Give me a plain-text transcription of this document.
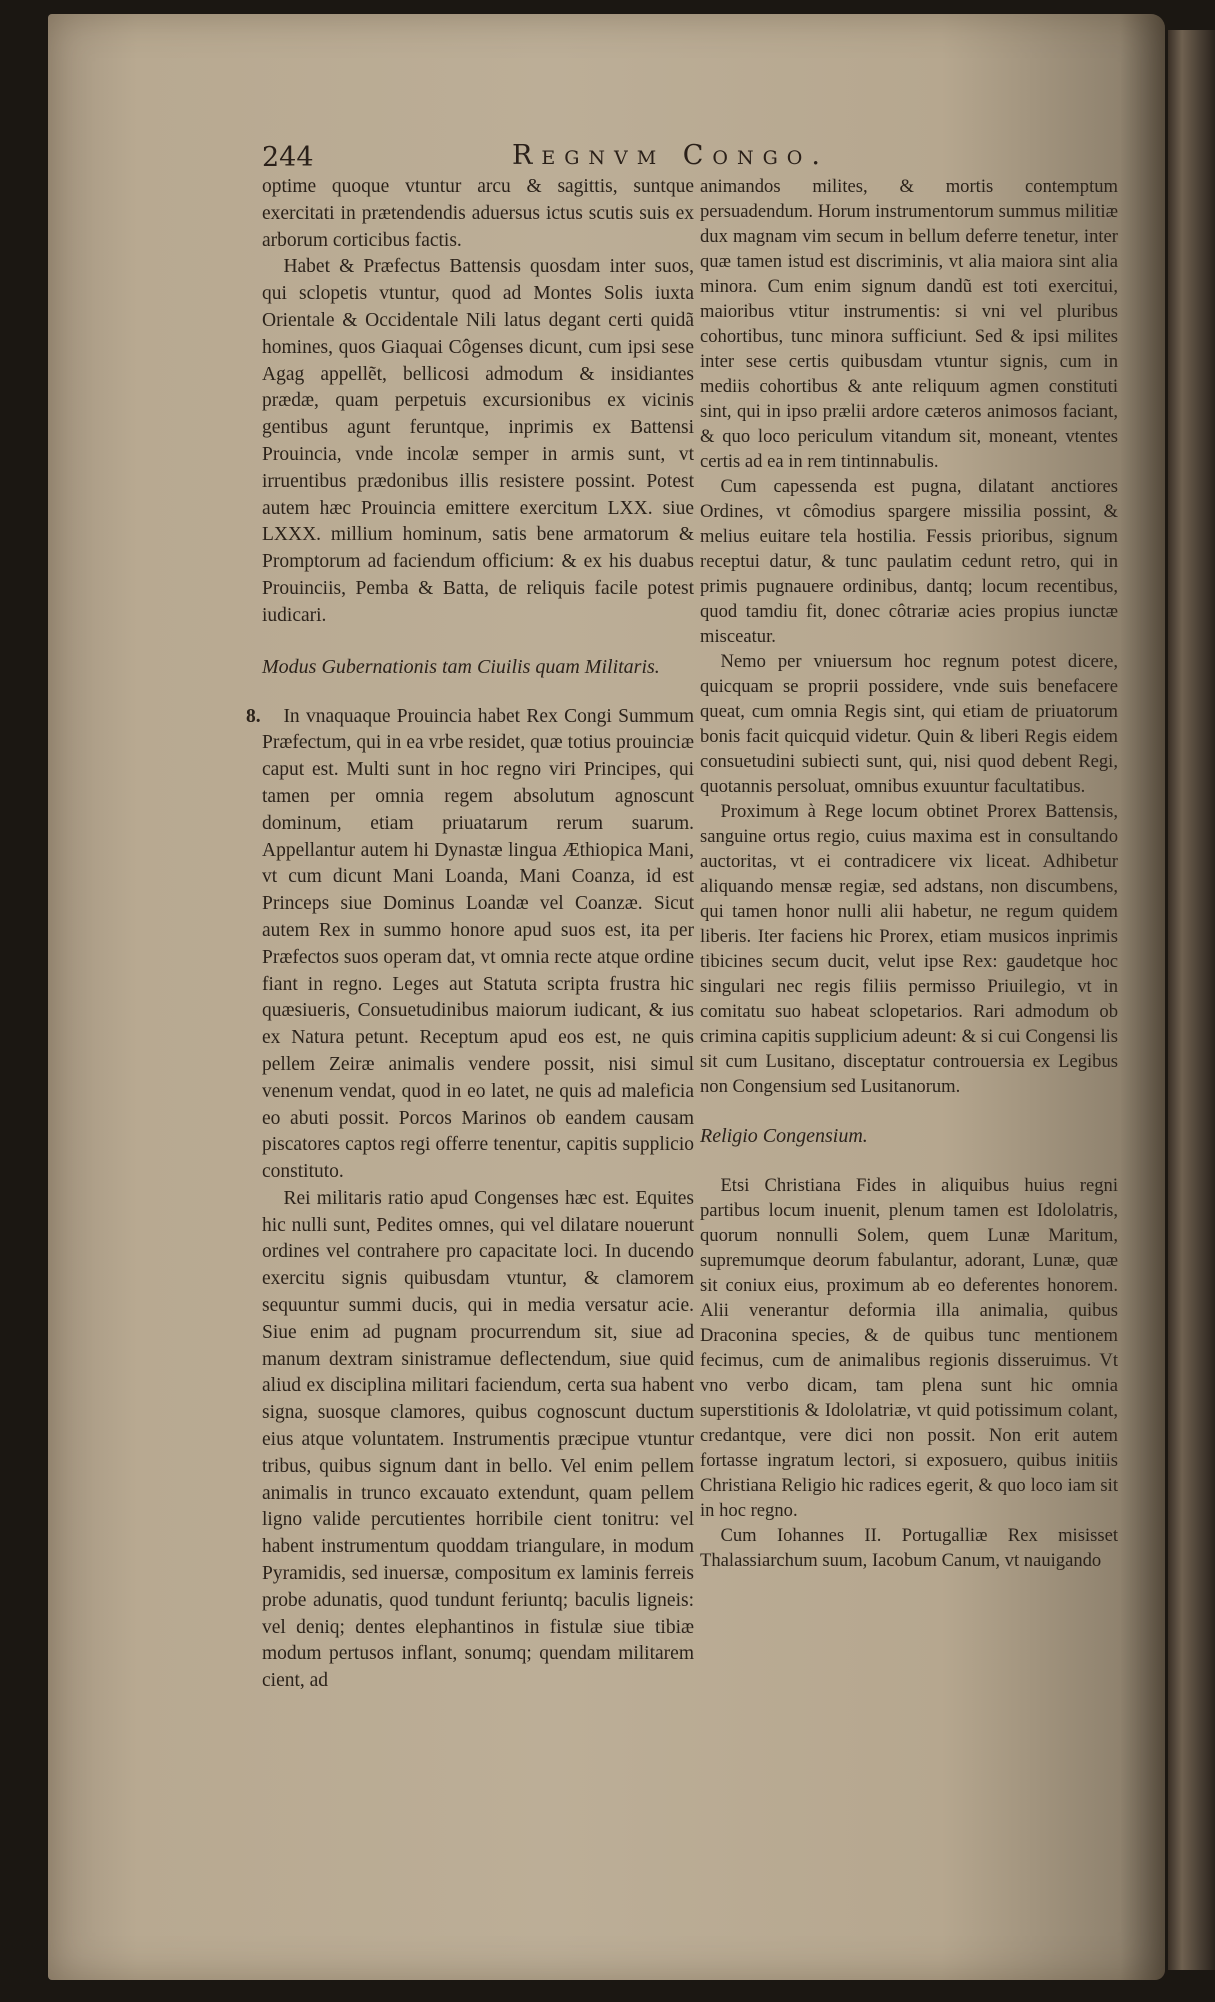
244	Regnvm Congo.

optime quoque vtuntur arcu & sagittis, suntque exercitati in prætendendis aduersus ictus scutis suis ex arborum corticibus factis.

Habet & Præfectus Battensis quosdam inter suos, qui sclopetis vtuntur, quod ad Montes Solis iuxta Orientale & Occidentale Nili latus degant certi quidã homines, quos Giaquai Côgenses dicunt, cum ipsi sese Agag appellẽt, bellicosi admodum & insidiantes prædæ, quam perpetuis excursionibus ex vicinis gentibus agunt feruntque, inprimis ex Battensi Prouincia, vnde incolæ semper in armis sunt, vt irruentibus prædonibus illis resistere possint. Potest autem hæc Prouincia emittere exercitum LXX. siue LXXX. millium hominum, satis bene armatorum & Promptorum ad faciendum officium: & ex his duabus Prouinciis, Pemba & Batta, de reliquis facile potest iudicari.

Modus Gubernationis tam Ciuilis quam Militaris.

8.	In vnaquaque Prouincia habet Rex Congi Summum Præfectum, qui in ea vrbe residet, quæ totius prouinciæ caput est. Multi sunt in hoc regno viri Principes, qui tamen per omnia regem absolutum agnoscunt dominum, etiam priuatarum rerum suarum. Appellantur autem hi Dynastæ lingua Æthiopica Mani, vt cum dicunt Mani Loanda, Mani Coanza, id est Princeps siue Dominus Loandæ vel Coanzæ. Sicut autem Rex in summo honore apud suos est, ita per Præfectos suos operam dat, vt omnia recte atque ordine fiant in regno. Leges aut Statuta scripta frustra hic quæsiueris, Consuetudinibus maiorum iudicant, & ius ex Natura petunt. Receptum apud eos est, ne quis pellem Zeiræ animalis vendere possit, nisi simul venenum vendat, quod in eo latet, ne quis ad maleficia eo abuti possit. Porcos Marinos ob eandem causam piscatores captos regi offerre tenentur, capitis supplicio constituto.

Rei militaris ratio apud Congenses hæc est. Equites hic nulli sunt, Pedites omnes, qui vel dilatare nouerunt ordines vel contrahere pro capacitate loci. In ducendo exercitu signis quibusdam vtuntur, & clamorem sequuntur summi ducis, qui in media versatur acie. Siue enim ad pugnam procurrendum sit, siue ad manum dextram sinistramue deflectendum, siue quid aliud ex disciplina militari faciendum, certa sua habent signa, suosque clamores, quibus cognoscunt ductum eius atque voluntatem. Instrumentis præcipue vtuntur tribus, quibus signum dant in bello. Vel enim pellem animalis in trunco excauato extendunt, quam pellem ligno valide percutientes horribile cient tonitru: vel habent instrumentum quoddam triangulare, in modum Pyramidis, sed inuersæ, compositum ex laminis ferreis probe adunatis, quod tundunt feriuntq; baculis ligneis: vel deniq; dentes elephantinos in fistulæ siue tibiæ modum pertusos inflant, sonumq; quendam militarem cient, ad

animandos milites, & mortis contemptum persuadendum. Horum instrumentorum summus militiæ dux magnam vim secum in bellum deferre tenetur, inter quæ tamen istud est discriminis, vt alia maiora sint alia minora. Cum enim signum dandũ est toti exercitui, maioribus vtitur instrumentis: si vni vel pluribus cohortibus, tunc minora sufficiunt. Sed & ipsi milites inter sese certis quibusdam vtuntur signis, cum in mediis cohortibus & ante reliquum agmen constituti sint, qui in ipso prælii ardore cæteros animosos faciant, & quo loco periculum vitandum sit, moneant, vtentes certis ad ea in rem tintinnabulis.

Cum capessenda est pugna, dilatant anctiores Ordines, vt cômodius spargere missilia possint, & melius euitare tela hostilia. Fessis prioribus, signum receptui datur, & tunc paulatim cedunt retro, qui in primis pugnauere ordinibus, dantq; locum recentibus, quod tamdiu fit, donec côtrariæ acies propius iunctæ misceatur.

Nemo per vniuersum hoc regnum potest dicere, quicquam se proprii possidere, vnde suis benefacere queat, cum omnia Regis sint, qui etiam de priuatorum bonis facit quicquid videtur. Quin & liberi Regis eidem consuetudini subiecti sunt, qui, nisi quod debent Regi, quotannis persoluat, omnibus exuuntur facultatibus.

Proximum à Rege locum obtinet Prorex Battensis, sanguine ortus regio, cuius maxima est in consultando auctoritas, vt ei contradicere vix liceat. Adhibetur aliquando mensæ regiæ, sed adstans, non discumbens, qui tamen honor nulli alii habetur, ne regum quidem liberis. Iter faciens hic Prorex, etiam musicos inprimis tibicines secum ducit, velut ipse Rex: gaudetque hoc singulari nec regis filiis permisso Priuilegio, vt in comitatu suo habeat sclopetarios. Rari admodum ob crimina capitis supplicium adeunt: & si cui Congensi lis sit cum Lusitano, disceptatur controuersia ex Legibus non Congensium sed Lusitanorum.

Religio Congensium.

Etsi Christiana Fides in aliquibus huius regni partibus locum inuenit, plenum tamen est Idololatris, quorum nonnulli Solem, quem Lunæ Maritum, supremumque deorum fabulantur, adorant, Lunæ, quæ sit coniux eius, proximum ab eo deferentes honorem. Alii venerantur deformia illa animalia, quibus Draconina species, & de quibus tunc mentionem fecimus, cum de animalibus regionis disseruimus. Vt vno verbo dicam, tam plena sunt hic omnia superstitionis & Idololatriæ, vt quid potissimum colant, credantque, vere dici non possit. Non erit autem fortasse ingratum lectori, si exposuero, quibus initiis Christiana Religio hic radices egerit, & quo loco iam sit in hoc regno.

Cum Iohannes II. Portugalliæ Rex misisset Thalassiarchum suum, Iacobum Canum, vt nauigando
